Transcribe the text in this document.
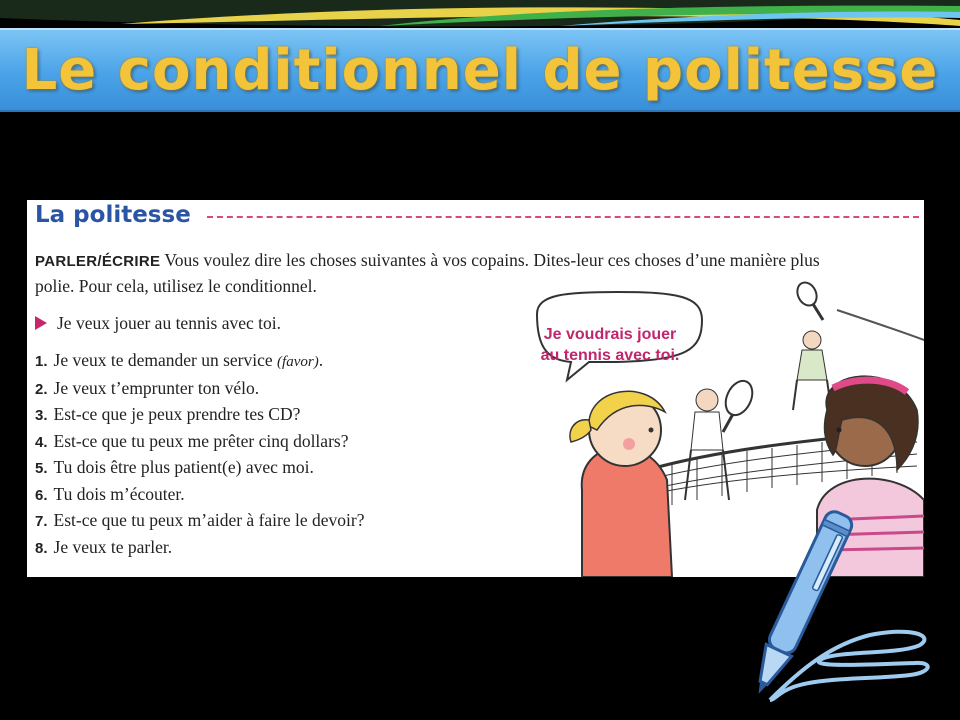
Le conditionnel de politesse
La politesse
PARLER/ÉCRIRE Vous voulez dire les choses suivantes à vos copains. Dites-leur ces choses d’une manière plus polie. Pour cela, utilisez le conditionnel.
Je veux jouer au tennis avec toi.
1. Je veux te demander un service (favor).
2. Je veux t’emprunter ton vélo.
3. Est-ce que je peux prendre tes CD?
4. Est-ce que tu peux me prêter cinq dollars?
5. Tu dois être plus patient(e) avec moi.
6. Tu dois m’écouter.
7. Est-ce que tu peux m’aider à faire le devoir?
8. Je veux te parler.
Je voudrais jouer
au tennis avec toi.
